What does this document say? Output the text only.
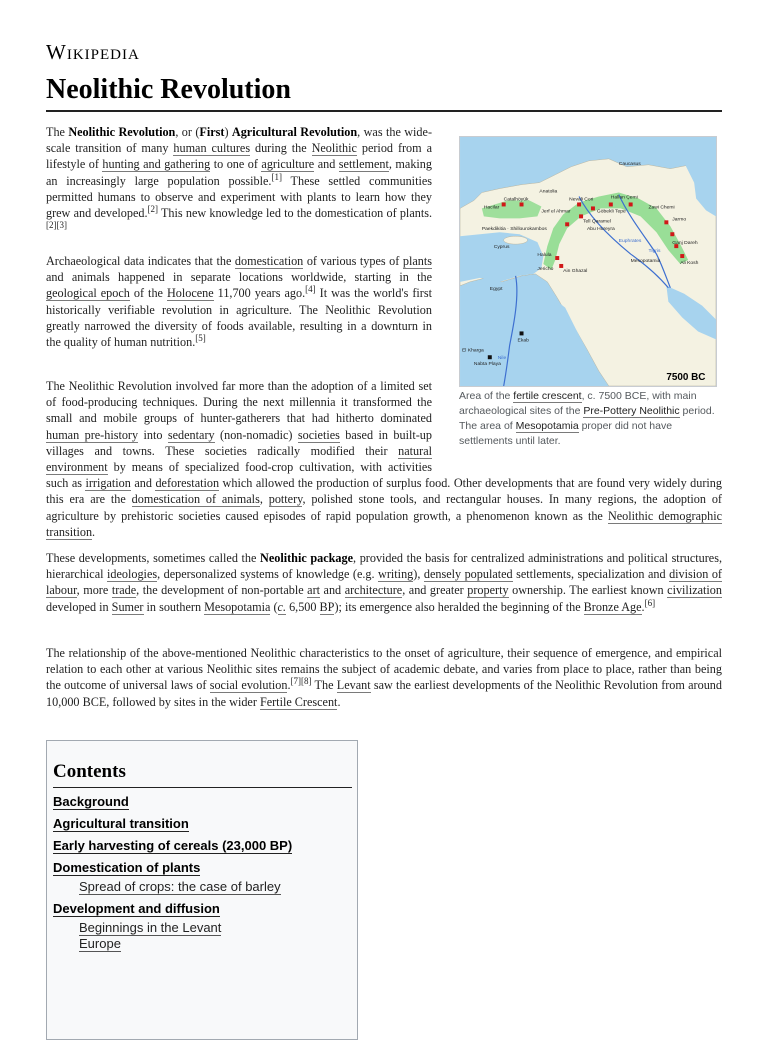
Wikipedia
Neolithic Revolution
Caucasus
Anatolia
Hacilar
Catalhöyük	Nevali Cori	Hallan Çemi
Göbekli Tepe
Jerf el Ahmar
Tell Qaramel
Abu Hureyra
Jarmo
Zawi Chemi
Ganj Dareh
Ali Kosh
Paekdikitia · Shillourokambos
Cyprus
Halula
Jericho Ain Ghazal
Egypt
Ekab
El Kharga
Nabta Playa
Nile
Euphrates
Tigris
Mesopotamia
7500 BC
Area of the fertile crescent, c. 7500 BCE, with main archaeological sites of the Pre-Pottery Neolithic period. The area of Mesopotamia proper did not have settlements until later.

The Neolithic Revolution, or (First) Agricultural Revolution, was the wide-scale transition of many human cultures during the Neolithic period from a lifestyle of hunting and gathering to one of agriculture and settlement, making an increasingly large population possible.[1] These settled communities permitted humans to observe and experiment with plants to learn how they grew and developed.[2] This new knowledge led to the domestication of plants.[2][3]

Archaeological data indicates that the domestication of various types of plants and animals happened in separate locations worldwide, starting in the geological epoch of the Holocene 11,700 years ago.[4] It was the world's first historically verifiable revolution in agriculture. The Neolithic Revolution greatly narrowed the diversity of foods available, resulting in a downturn in the quality of human nutrition.[5]

The Neolithic Revolution involved far more than the adoption of a limited set of food-producing techniques. During the next millennia it transformed the small and mobile groups of hunter-gatherers that had hitherto dominated human pre-history into sedentary (non-nomadic) societies based in built-up villages and towns. These societies radically modified their natural environment by means of specialized food-crop cultivation, with activities such as irrigation and deforestation which allowed the production of surplus food. Other developments that are found very widely during this era are the domestication of animals, pottery, polished stone tools, and rectangular houses. In many regions, the adoption of agriculture by prehistoric societies caused episodes of rapid population growth, a phenomenon known as the Neolithic demographic transition.

These developments, sometimes called the Neolithic package, provided the basis for centralized administrations and political structures, hierarchical ideologies, depersonalized systems of knowledge (e.g. writing), densely populated settlements, specialization and division of labour, more trade, the development of non-portable art and architecture, and greater property ownership. The earliest known civilization developed in Sumer in southern Mesopotamia (c. 6,500 BP); its emergence also heralded the beginning of the Bronze Age.[6]

The relationship of the above-mentioned Neolithic characteristics to the onset of agriculture, their sequence of emergence, and empirical relation to each other at various Neolithic sites remains the subject of academic debate, and varies from place to place, rather than being the outcome of universal laws of social evolution.[7][8] The Levant saw the earliest developments of the Neolithic Revolution from around 10,000 BCE, followed by sites in the wider Fertile Crescent.

Contents
Background
Agricultural transition
Early harvesting of cereals (23,000 BP)
Domestication of plants
Spread of crops: the case of barley
Development and diffusion
Beginnings in the Levant
Europe
